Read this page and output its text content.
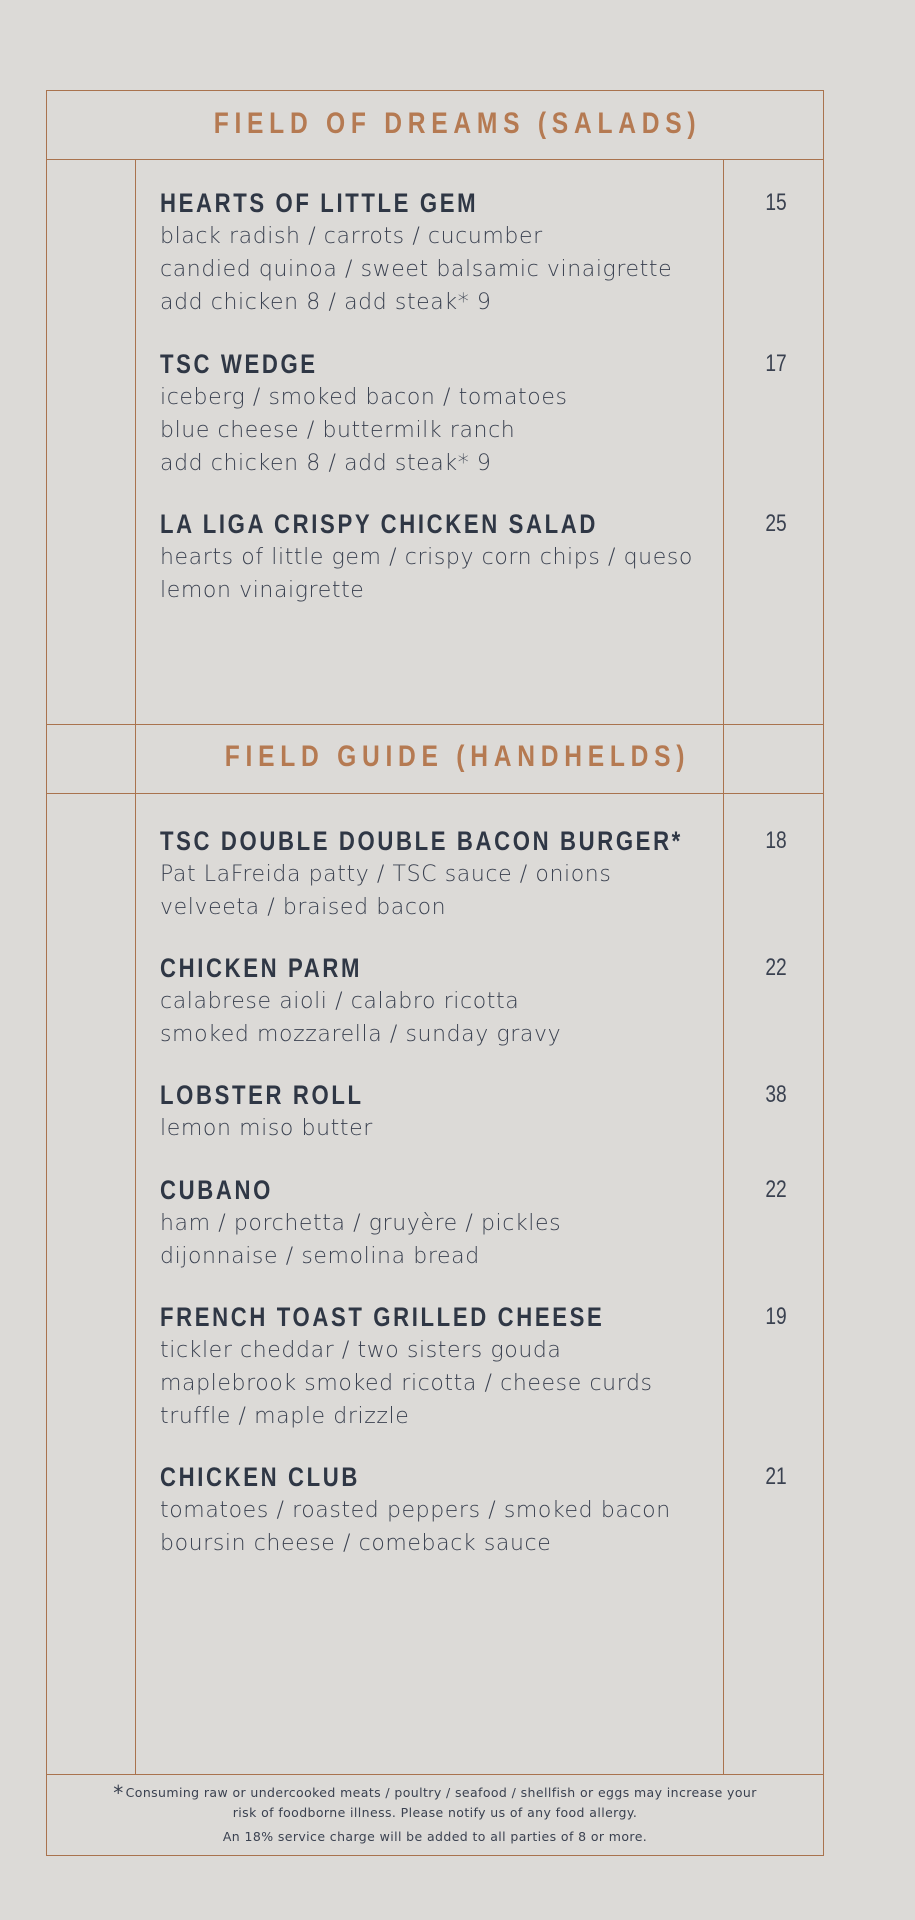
FIELD OF DREAMS (SALADS)
FIELD GUIDE (HANDHELDS)
HEARTS OF LITTLE GEM
black radish / carrots / cucumber
candied quinoa / sweet balsamic vinaigrette
add chicken 8 / add steak* 9
15
TSC WEDGE
iceberg / smoked bacon / tomatoes
blue cheese / buttermilk ranch
add chicken 8 / add steak* 9
17
LA LIGA CRISPY CHICKEN SALAD
hearts of little gem / crispy corn chips / queso
lemon vinaigrette
25
TSC DOUBLE DOUBLE BACON BURGER*
Pat LaFreida patty / TSC sauce / onions
velveeta / braised bacon
18
CHICKEN PARM
calabrese aioli / calabro ricotta
smoked mozzarella / sunday gravy
22
LOBSTER ROLL
lemon miso butter
38
CUBANO
ham / porchetta / gruyère / pickles
dijonnaise / semolina bread
22
FRENCH TOAST GRILLED CHEESE
tickler cheddar / two sisters gouda
maplebrook smoked ricotta / cheese curds
truffle / maple drizzle
19
CHICKEN CLUB
tomatoes / roasted peppers / smoked bacon
boursin cheese / comeback sauce
21
* Consuming raw or undercooked meats / poultry / seafood / shellfish or eggs may increase your
risk of foodborne illness. Please notify us of any food allergy.
An 18% service charge will be added to all parties of 8 or more.
